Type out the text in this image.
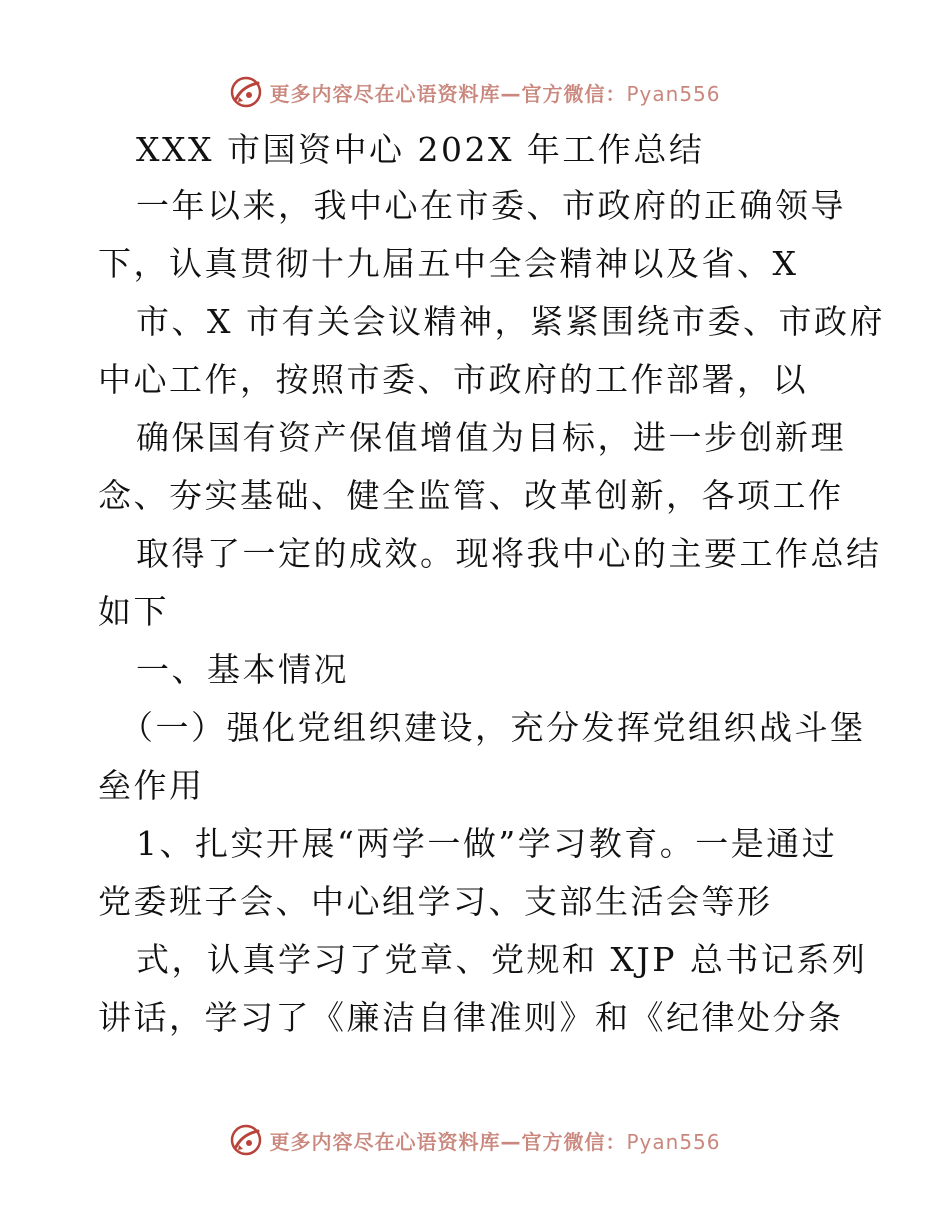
更多内容尽在心语资料库—官方微信：Pyan556
XXX 市国资中心 202X 年工作总结
一年以来，我中心在市委、市政府的正确领导
下，认真贯彻十九届五中全会精神以及省、X
市、X 市有关会议精神，紧紧围绕市委、市政府
中心工作，按照市委、市政府的工作部署，以
确保国有资产保值增值为目标，进一步创新理
念、夯实基础、健全监管、改革创新，各项工作
取得了一定的成效。现将我中心的主要工作总结
如下
一、基本情况
（一）强化党组织建设，充分发挥党组织战斗堡
垒作用
1、扎实开展“两学一做”学习教育。一是通过
党委班子会、中心组学习、支部生活会等形
式，认真学习了党章、党规和 XJP 总书记系列
讲话，学习了《廉洁自律准则》和《纪律处分条
更多内容尽在心语资料库—官方微信：Pyan556
